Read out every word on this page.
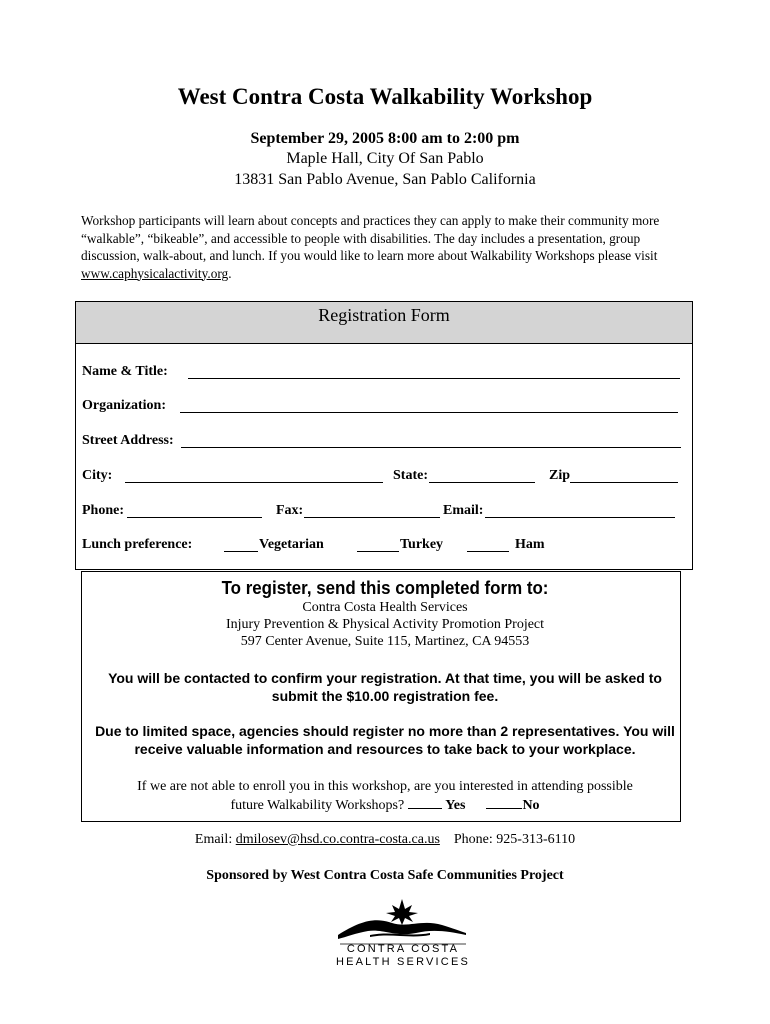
West Contra Costa Walkability Workshop
September 29, 2005 8:00 am to 2:00 pm
Maple Hall, City Of San Pablo
13831 San Pablo Avenue, San Pablo California
Workshop participants will learn about concepts and practices they can apply to make their community more “walkable”, “bikeable”, and accessible to people with disabilities. The day includes a presentation, group discussion, walk-about, and lunch. If you would like to learn more about Walkability Workshops please visit www.caphysicalactivity.org.
Registration Form
Name & Title:
Organization:
Street Address:
City:	State:	Zip
Phone:	Fax:	Email:
Lunch preference:	Vegetarian	Turkey	Ham
To register, send this completed form to:
Contra Costa Health Services
Injury Prevention & Physical Activity Promotion Project
597 Center Avenue, Suite 115, Martinez, CA 94553
You will be contacted to confirm your registration. At that time, you will be asked to submit the $10.00 registration fee.
Due to limited space, agencies should register no more than 2 representatives. You will receive valuable information and resources to take back to your workplace.
If we are not able to enroll you in this workshop, are you interested in attending possible
future Walkability Workshops?	Yes	No
Email: dmilosev@hsd.co.contra-costa.ca.us Phone: 925-313-6110
Sponsored by West Contra Costa Safe Communities Project
CONTRA COSTA
HEALTH SERVICES
